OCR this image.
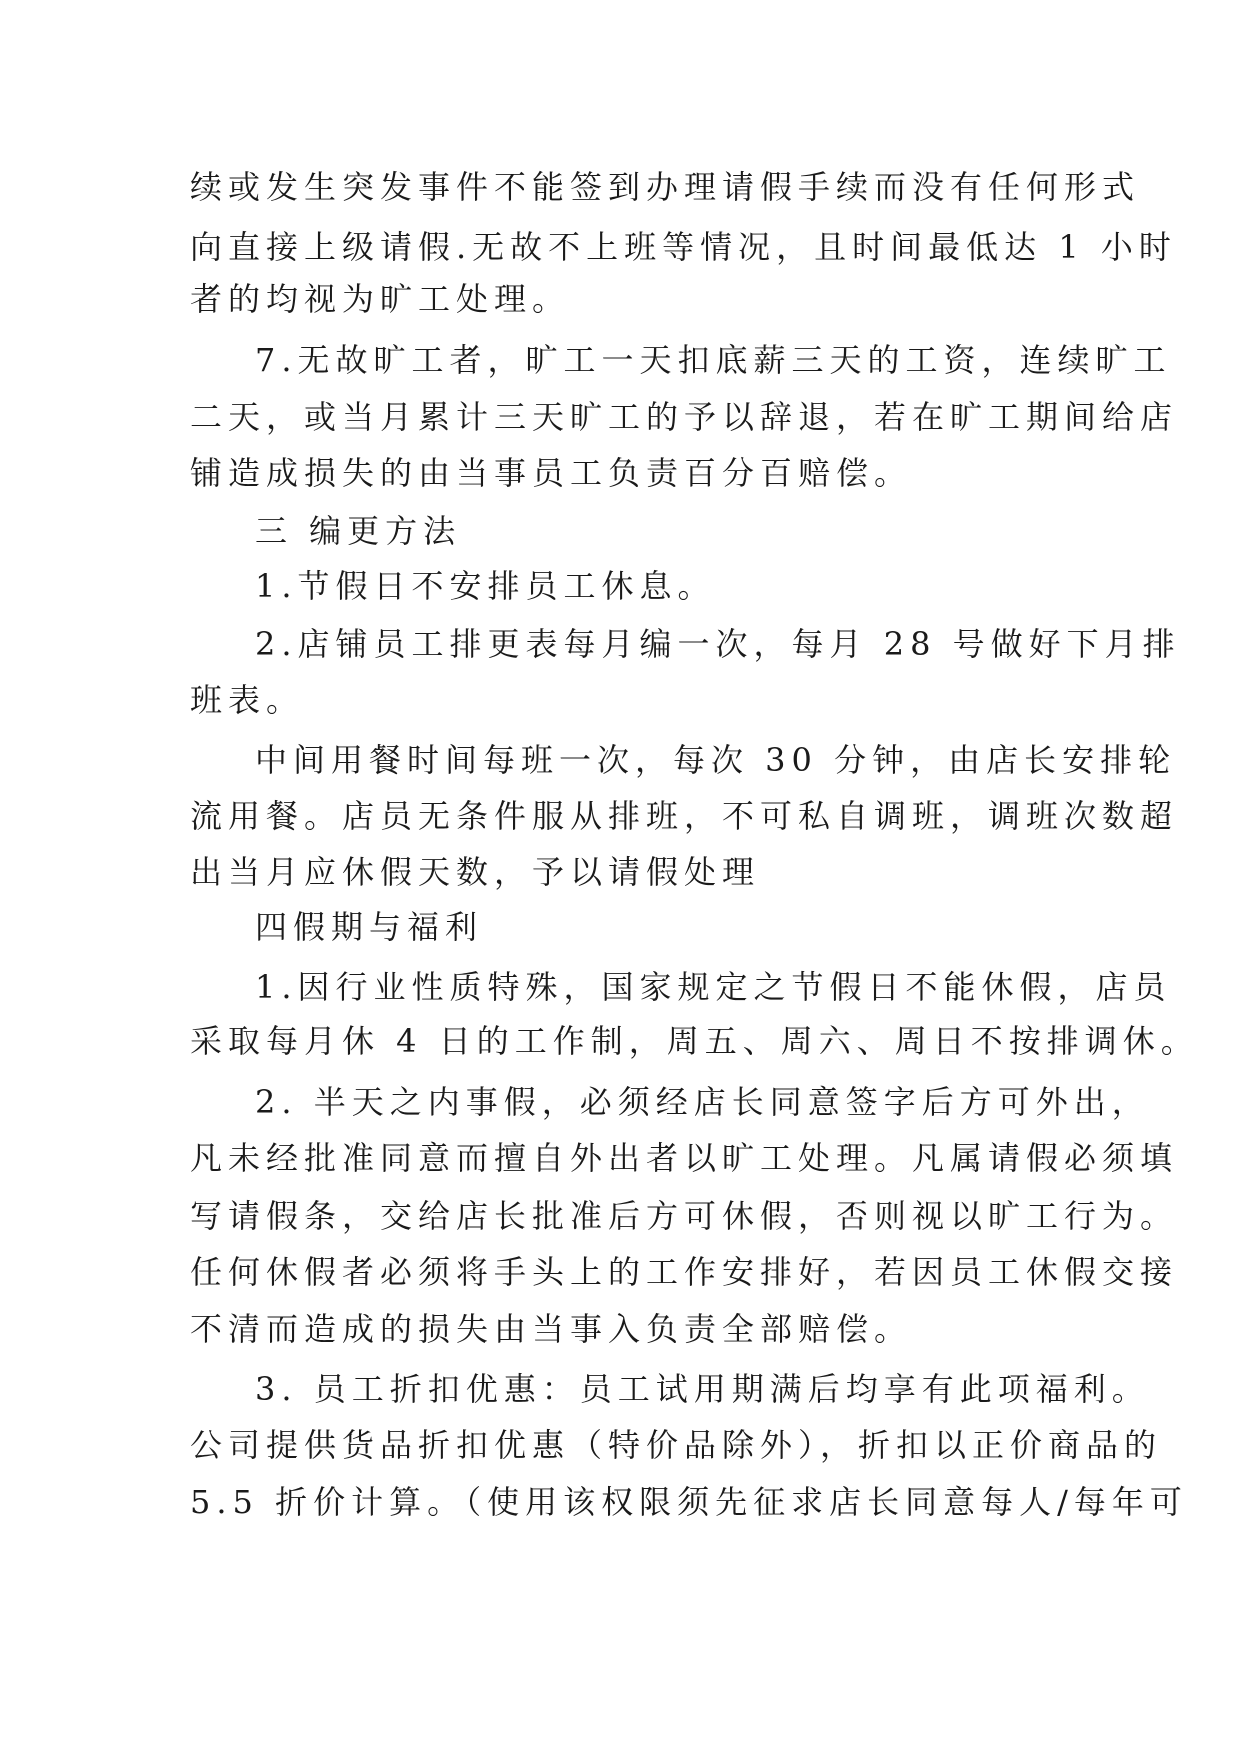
续或发生突发事件不能签到办理请假手续而没有任何形式
向直接上级请假.无故不上班等情况，且时间最低达 1 小时
者的均视为旷工处理。
7.无故旷工者，旷工一天扣底薪三天的工资，连续旷工
二天，或当月累计三天旷工的予以辞退，若在旷工期间给店
铺造成损失的由当事员工负责百分百赔偿。
三 编更方法
1.节假日不安排员工休息。
2.店铺员工排更表每月编一次，每月 28 号做好下月排
班表。
中间用餐时间每班一次，每次 30 分钟，由店长安排轮
流用餐。店员无条件服从排班，不可私自调班，调班次数超
出当月应休假天数，予以请假处理
四假期与福利
1.因行业性质特殊，国家规定之节假日不能休假，店员
采取每月休 4 日的工作制，周五、周六、周日不按排调休。
2. 半天之内事假，必须经店长同意签字后方可外出，
凡未经批准同意而擅自外出者以旷工处理。凡属请假必须填
写请假条，交给店长批准后方可休假，否则视以旷工行为。
任何休假者必须将手头上的工作安排好，若因员工休假交接
不清而造成的损失由当事入负责全部赔偿。
3. 员工折扣优惠：员工试用期满后均享有此项福利。
公司提供货品折扣优惠（特价品除外），折扣以正价商品的
5.5 折价计算。（使用该权限须先征求店长同意每人/每年可
